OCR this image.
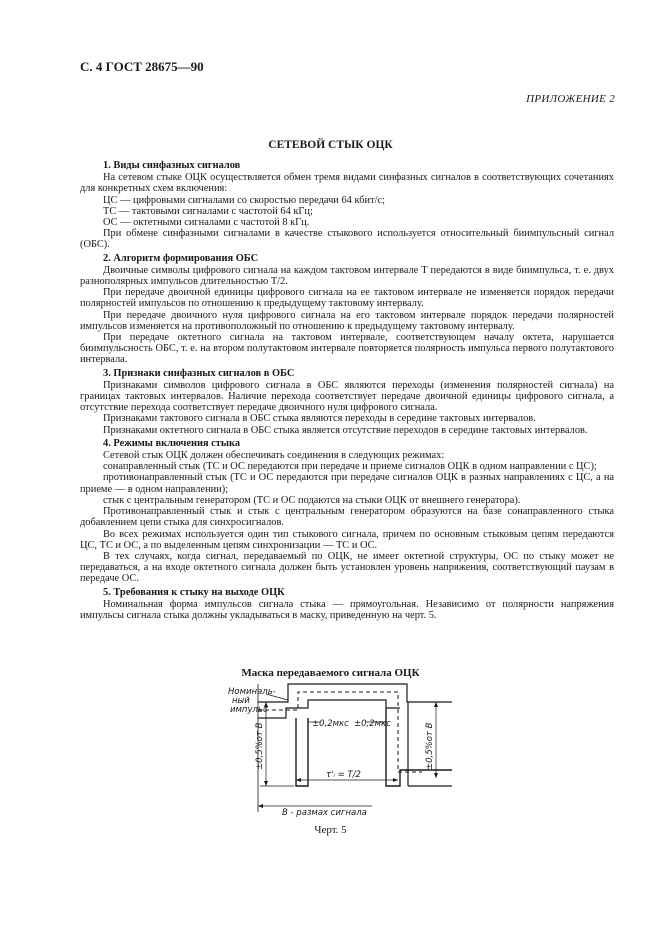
С. 4 ГОСТ 28675—90
ПРИЛОЖЕНИЕ 2
СЕТЕВОЙ СТЫК ОЦК
1. Виды синфазных сигналов

На сетевом стыке ОЦК осуществляется обмен тремя видами синфазных сигналов в соответствующих сочетаниях для конкретных схем включения:

ЦС — цифровыми сигналами со скоростью передачи 64 кбит/с;

ТС — тактовыми сигналами с частотой 64 кГц;

ОС — октетными сигналами с частотой 8 кГц.

При обмене синфазными сигналами в качестве стыкового используется относительный биимпульсный сигнал (ОБС).

2. Алгоритм формирования ОБС

Двоичные символы цифрового сигнала на каждом тактовом интервале Т передаются в виде биимпульса, т. е. двух разнополярных импульсов длительностью Т/2.

При передаче двоичной единицы цифрового сигнала на ее тактовом интервале не изменяется порядок передачи полярностей импульсов по отношению к предыдущему тактовому интервалу.

При передаче двоичного нуля цифрового сигнала на его тактовом интервале порядок передачи полярностей импульсов изменяется на противоположный по отношению к предыдущему тактовому интервалу.

При передаче октетного сигнала на тактовом интервале, соответствующем началу октета, нарушается биимпульсность ОБС, т. е. на втором полутактовом интервале повторяется полярность импульса первого полутактового интервала.

3. Признаки синфазных сигналов в ОБС

Признаками символов цифрового сигнала в ОБС являются переходы (изменения полярностей сигнала) на границах тактовых интервалов. Наличие перехода соответствует передаче двоичной единицы цифрового сигнала, а отсутствие перехода соответствует передаче двоичного нуля цифрового сигнала.

Признаками тактового сигнала в ОБС стыка являются переходы в середине тактовых интервалов.

Признаками октетного сигнала в ОБС стыка является отсутствие переходов в середине тактовых интервалов.

4. Режимы включения стыка

Сетевой стык ОЦК должен обеспечивать соединения в следующих режимах:

сонаправленный стык (ТС и ОС передаются при передаче и приеме сигналов ОЦК в одном направлении с ЦС);

противонаправленный стык (ТС и ОС передаются при передаче сигналов ОЦК в разных направлениях с ЦС, а на приеме — в одном направлении);

стык с центральным генератором (ТС и ОС подаются на стыки ОЦК от внешнего генератора).

Противонаправленный стык и стык с центральным генератором образуются на базе сонаправленного стыка добавлением цепи стыка для синхросигналов.

Во всех режимах используется один тип стыкового сигнала, причем по основным стыковым цепям передаются ЦС, ТС и ОС, а по выделенным цепям синхронизации — ТС и ОС.

В тех случаях, когда сигнал, передаваемый по ОЦК, не имеет октетной структуры, ОС по стыку может не передаваться, а на входе октетного сигнала должен быть установлен уровень напряжения, соответствующий паузам в передаче ОС.

5. Требования к стыку на выходе ОЦК

Номинальная форма импульсов сигнала стыка — прямоугольная. Независимо от полярности напряжения импульсы сигнала стыка должны укладываться в маску, приведенную на черт. 5.

Маска передаваемого сигнала ОЦК
Номиналь-
ный
импульс
±0,2мкс ±0,2мкс
±0,5%от В	±0,5%от В
τ'ᵢ = T/2
В - размах сигнала
Черт. 5
